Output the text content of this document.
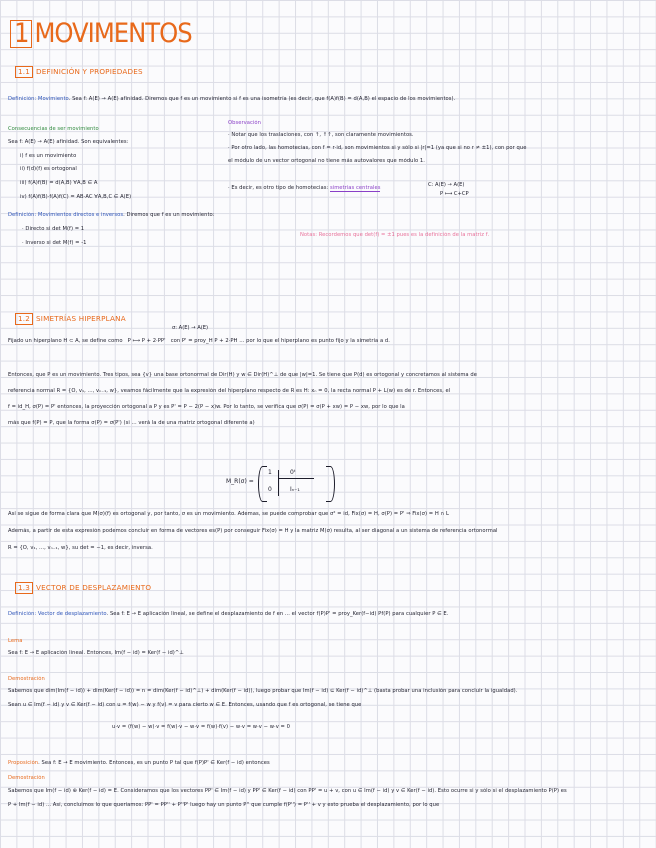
1 MOVIMENTOS
1.1 DEFINICIÓN Y PROPIEDADES
Definición: Movimiento. Sea f: A(E) → A(E) afinidad. Diremos que f es un movimiento si f es una isometría (es decir, que f(A)f(B) = d(A,B) el espacio de los movimientos).
Consecuencias de ser movimiento
Sea f: A(E) → A(E) afinidad. Son equivalentes:
i) f es un movimiento
ii) f(d)(f) es ortogonal
iii) f(A)f(B) = d(A,B) ∀A,B ∈ A
iv) f(A)f(B)·f(A)f(C) = AB·AC ∀A,B,C ∈ A(E)
Observación
· Notar que los traslaciones, con ↑, ↑↑, son claramente movimientos.
· Por otro lado, las homotecias, con f = r·id, son movimientos si y sólo si |r|=1 (ya que si no r ≠ ±1), con por que
el módulo de un vector ortogonal no tiene más autovalores que módulo 1.
· Es decir, es otro tipo de homotecias: simetrías centrales	C: A(E) → A(E)
P ⟼ C+CP
Definición: Movimientos directos e inversos. Diremos que f es un movimiento:
· Directo si det M(f̄) = 1
· Inverso si det M(f̄) = -1
Notas: Recordemos que det(f̄) = ±1 pues es la definición de la matriz f̄.
1.2 SIMETRÍAS HIPERPLANA
σ: A(E) → A(E)
Fijado un hiperplano H ⊂ A, se define como P ⟼ P + 2·PP' con P' = proy_H P + 2·PH … por lo que el hiperplano es punto fijo y la simetría a d.
Entonces, que P es un movimiento. Tres tipos, sea {v} una base ortonormal de Dir(H) y w ∈ Dir(H)^⊥ de que |w|=1. Se tiene que P(d) es ortogonal y concretamos al sistema de
referencia normal R = {O, v₁, ..., vₙ₋₁, w}, veamos fácilmente que la expresión del hiperplano respecto de R es H: xₙ = 0, la recta normal P + L(w) es de r. Entonces, el
f = id_H, σ(P) = P' entonces, la proyección ortogonal a P y es P' = P − 2(P − x)w. Por lo tanto, se verifica que σ(P) = σ(P + xw) = P − xw, por lo que la
más que f(P) = P, que la forma σ(P) = σ(P') (si ... verá la de una matriz ortogonal diferente a)
M_R(σ) =
1	0ᵗ
0	Iₙ₋₁
Así se sigue de forma clara que M(σ)(f) es ortogonal y, por tanto, σ es un movimiento. Ademas, se puede comprobar que σ² = id, Fix(σ) = H, σ(P) = P' ⇒ Fix(σ) = H ∩ L
Además, a partir de esta expresión podemos concluir en forma de vectores es(P) por conseguir Fix(σ) = H y la matriz M(σ) resulta, al ser diagonal a un sistema de referencia ortonormal
R = {O, v₁, ..., vₙ₋₁, w}, su det = −1, es decir, inversa.
1.3 VECTOR DE DESPLAZAMIENTO
Definición: Vector de desplazamiento. Sea f: E → E aplicación lineal, se define el desplazamiento de f en ... el vector f(P)P' = proy_Ker(f−id) Pf(P) para cualquier P ∈ E.
Lema
Sea f: E → E aplicación lineal. Entonces, Im(f − id) = Ker(f − id)^⊥
Demostración
Sabemos que dim(Im(f − id)) + dim(Ker(f − id)) = n = dim(Ker(f − id)^⊥) + dim(Ker(f − id)), luego probar que Im(f − id) ⊆ Ker(f − id)^⊥ (basta probar una inclusión para concluir la igualdad).
Sean u ∈ Im(f − id) y v ∈ Ker(f − id) con u = f(w) − w y f(v) = v para cierto w ∈ E. Entonces, usando que f es ortogonal, se tiene que
u·v = (f(w) − w)·v = f(w)·v − w·v = f(w)·f(v) − w·v = w·v − w·v = 0
Proposición. Sea f: E → E movimiento. Entonces, es un punto P tal que f(P)P' ∈ Ker(f − id) entonces
Demostración
Sabemos que Im(f − id) ⊕ Ker(f − id) = E. Consideramos que los vectores PP' ∈ Im(f − id) y PP' ∈ Ker(f − id) con PP' = u + v, con u ∈ Im(f − id) y v ∈ Ker(f − id). Esto ocurre si y sólo si el desplazamiento P(P) es
P + Im(f − id) ... Así, concluimos lo que queríamos: PP' = PP'' + P''P' luego hay un punto P'' que cumple f(P'') = P'' + v y esto prueba el desplazamiento, por lo que
